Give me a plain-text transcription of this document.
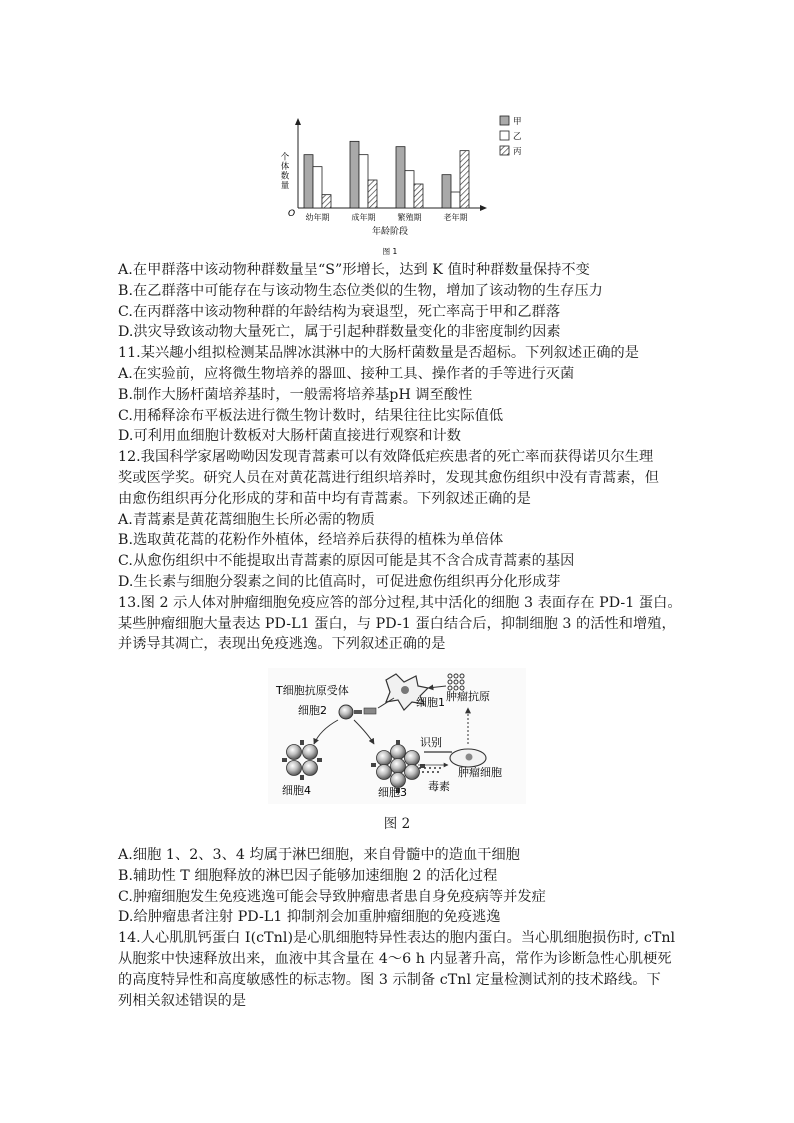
个体数量
O 幼年期	成年期	繁殖期	老年期
年龄阶段
甲
乙
丙
图 1
A.在甲群落中该动物种群数量呈“S”形增长，达到 K 值时种群数量保持不变
B.在乙群落中可能存在与该动物生态位类似的生物，增加了该动物的生存压力
C.在丙群落中该动物种群的年龄结构为衰退型，死亡率高于甲和乙群落
D.洪灾导致该动物大量死亡，属于引起种群数量变化的非密度制约因素
11.某兴趣小组拟检测某品牌冰淇淋中的大肠杆菌数量是否超标。下列叙述正确的是
A.在实验前，应将微生物培养的器皿、接种工具、操作者的手等进行灭菌
B.制作大肠杆菌培养基时，一般需将培养基pH 调至酸性
C.用稀释涂布平板法进行微生物计数时，结果往往比实际值低
D.可利用血细胞计数板对大肠杆菌直接进行观察和计数
12.我国科学家屠呦呦因发现青蒿素可以有效降低疟疾患者的死亡率而获得诺贝尔生理
奖或医学奖。研究人员在对黄花蒿进行组织培养时，发现其愈伤组织中没有青蒿素，但
由愈伤组织再分化形成的芽和苗中均有青蒿素。下列叙述正确的是
A.青蒿素是黄花蒿细胞生长所必需的物质
B.选取黄花蒿的花粉作外植体，经培养后获得的植株为单倍体
C.从愈伤组织中不能提取出青蒿素的原因可能是其不含合成青蒿素的基因
D.生长素与细胞分裂素之间的比值高时，可促进愈伤组织再分化形成芽
13.图 2 示人体对肿瘤细胞免疫应答的部分过程,其中活化的细胞 3 表面存在 PD-1 蛋白。
某些肿瘤细胞大量表达 PD-L1 蛋白，与 PD-1 蛋白结合后，抑制细胞 3 的活性和增殖，
并诱导其凋亡，表现出免疫逃逸。下列叙述正确的是
细胞1 肿瘤抗原
T细胞抗原受体
细胞2
细胞4	细胞3
识别
肿瘤细胞
毒素
图 2
A.细胞 1、2、3、4 均属于淋巴细胞，来自骨髓中的造血干细胞
B.辅助性 T 细胞释放的淋巴因子能够加速细胞 2 的活化过程
C.肿瘤细胞发生免疫逃逸可能会导致肿瘤患者患自身免疫病等并发症
D.给肿瘤患者注射 PD-L1 抑制剂会加重肿瘤细胞的免疫逃逸
14.人心肌肌钙蛋白 I(cTnl)是心肌细胞特异性表达的胞内蛋白。当心肌细胞损伤时, cTnl
从胞浆中快速释放出来，血液中其含量在 4～6 h 内显著升高，常作为诊断急性心肌梗死
的高度特异性和高度敏感性的标志物。图 3 示制备 cTnl 定量检测试剂的技术路线。下
列相关叙述错误的是
